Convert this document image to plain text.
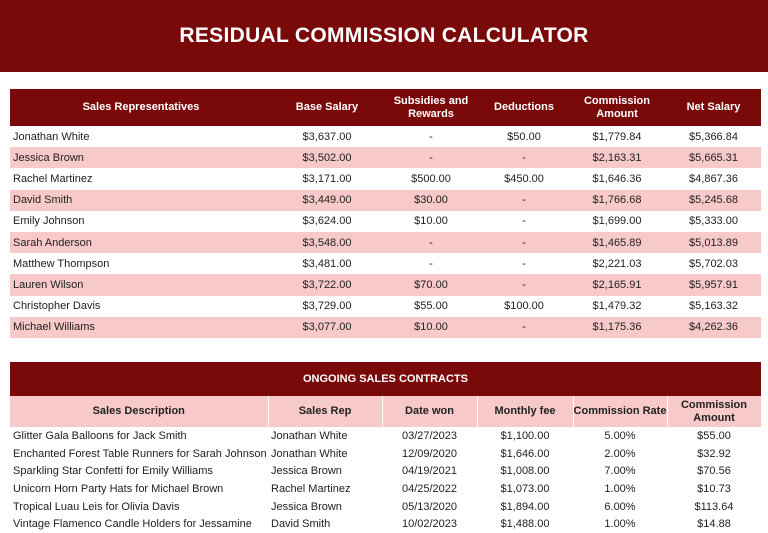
RESIDUAL COMMISSION CALCULATOR
Sales Representatives	Base Salary	Subsidies and Rewards	Deductions	Commission Amount	Net Salary
Jonathan White	$3,637.00	-	$50.00	$1,779.84	$5,366.84
Jessica Brown	$3,502.00	-	-	$2,163.31	$5,665.31
Rachel Martinez	$3,171.00	$500.00	$450.00	$1,646.36	$4,867.36
David Smith	$3,449.00	$30.00	-	$1,766.68	$5,245.68
Emily Johnson	$3,624.00	$10.00	-	$1,699.00	$5,333.00
Sarah Anderson	$3,548.00	-	-	$1,465.89	$5,013.89
Matthew Thompson	$3,481.00	-	-	$2,221.03	$5,702.03
Lauren Wilson	$3,722.00	$70.00	-	$2,165.91	$5,957.91
Christopher Davis	$3,729.00	$55.00	$100.00	$1,479.32	$5,163.32
Michael Williams	$3,077.00	$10.00	-	$1,175.36	$4,262.36
ONGOING SALES CONTRACTS
Sales Description	Sales Rep	Date won	Monthly fee	Commission Rate	Commission Amount
Glitter Gala Balloons for Jack Smith	Jonathan White	03/27/2023	$1,100.00	5.00%	$55.00
Enchanted Forest Table Runners for Sarah Johnson	Jonathan White	12/09/2020	$1,646.00	2.00%	$32.92
Sparkling Star Confetti for Emily Williams	Jessica Brown	04/19/2021	$1,008.00	7.00%	$70.56
Unicorn Horn Party Hats for Michael Brown	Rachel Martinez	04/25/2022	$1,073.00	1.00%	$10.73
Tropical Luau Leis for Olivia Davis	Jessica Brown	05/13/2020	$1,894.00	6.00%	$113.64
Vintage Flamenco Candle Holders for Jessamine	David Smith	10/02/2023	$1,488.00	1.00%	$14.88
